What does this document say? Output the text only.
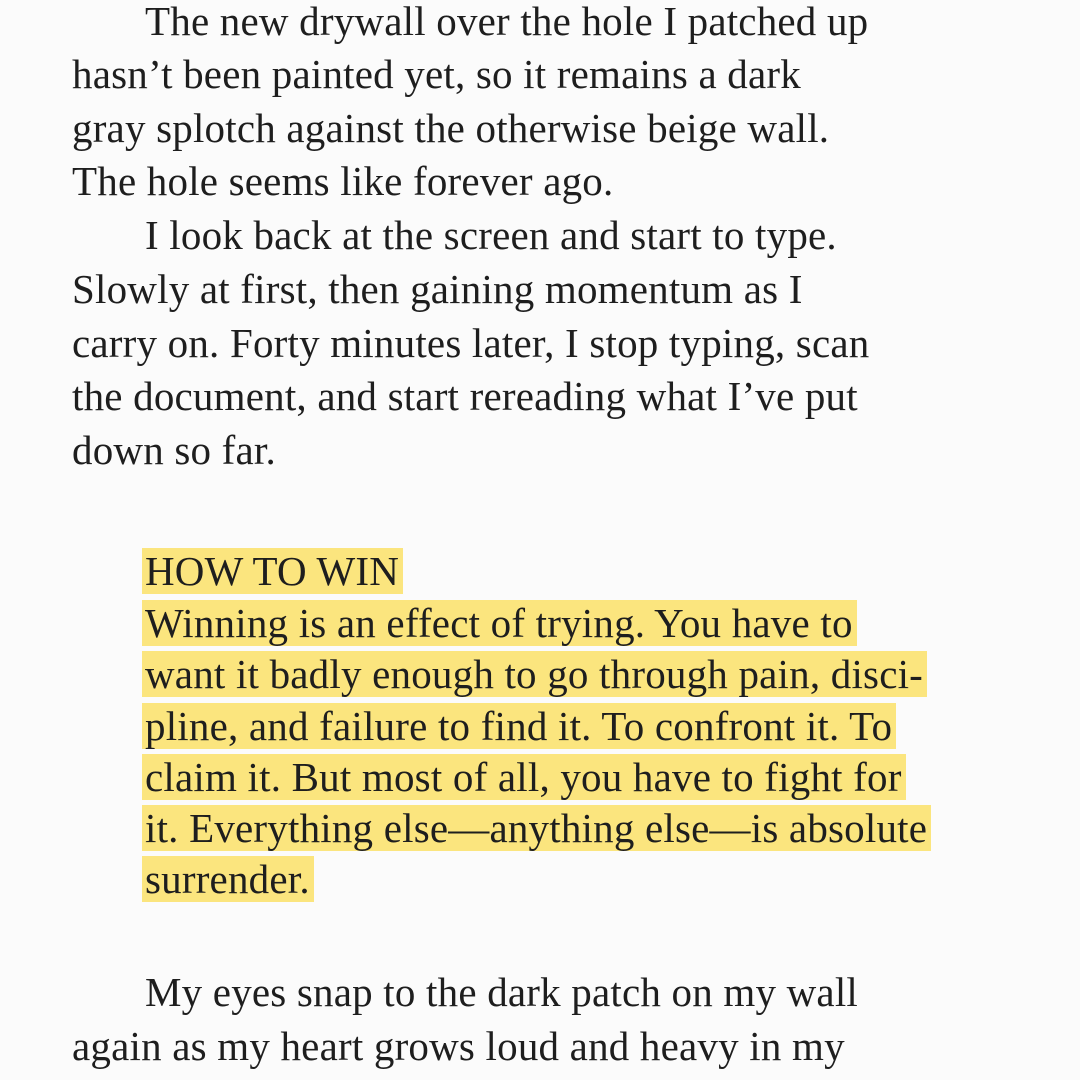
The new drywall over the hole I patched up
hasn’t been painted yet, so it remains a dark
gray splotch against the otherwise beige wall.
The hole seems like forever ago.
I look back at the screen and start to type.
Slowly at first, then gaining momentum as I
carry on. Forty minutes later, I stop typing, scan
the document, and start rereading what I’ve put
down so far.
HOW TO WIN
Winning is an effect of trying. You have to
want it badly enough to go through pain, disci-
pline, and failure to find it. To confront it. To
claim it. But most of all, you have to fight for
it. Everything else—anything else—is absolute
surrender.
My eyes snap to the dark patch on my wall
again as my heart grows loud and heavy in my
